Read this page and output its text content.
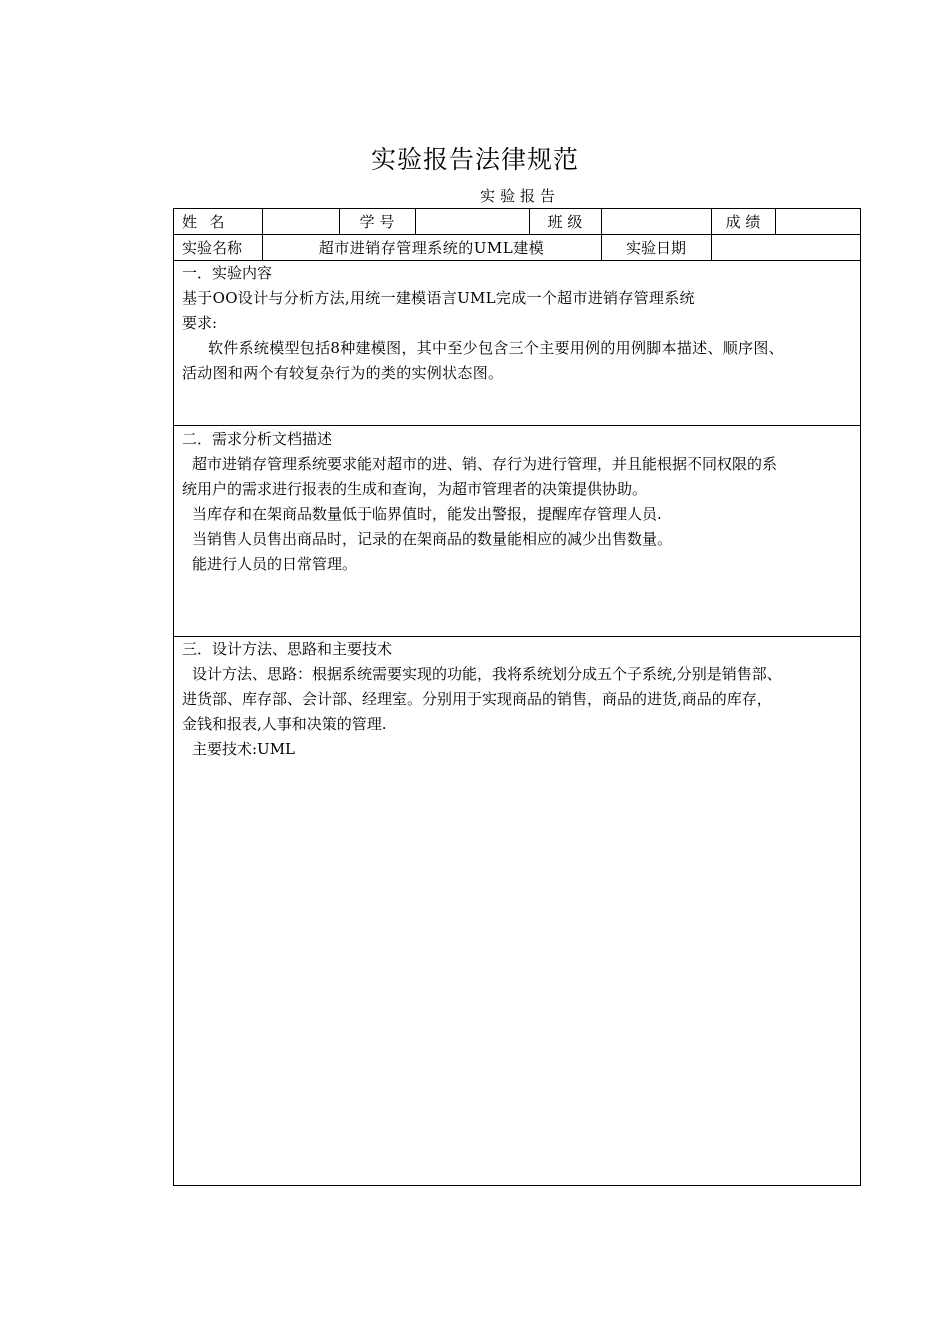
实验报告法律规范
实验报告
姓  名	学 号	班 级	成 绩
实验名称	超市进销存管理系统的UML建模	实验日期

一．实验内容

基于OO设计与分析方法,用统一建模语言UML完成一个超市进销存管理系统

要求:

软件系统模型包括8种建模图，其中至少包含三个主要用例的用例脚本描述、顺序图、

活动图和两个有较复杂行为的类的实例状态图。

二．需求分析文档描述

超市进销存管理系统要求能对超市的进、销、存行为进行管理，并且能根据不同权限的系

统用户的需求进行报表的生成和查询，为超市管理者的决策提供协助。

当库存和在架商品数量低于临界值时，能发出警报，提醒库存管理人员.

当销售人员售出商品时，记录的在架商品的数量能相应的减少出售数量。

能进行人员的日常管理。

三．设计方法、思路和主要技术

设计方法、思路：根据系统需要实现的功能，我将系统划分成五个子系统,分别是销售部、

进货部、库存部、会计部、经理室。分别用于实现商品的销售，商品的进货,商品的库存，

金钱和报表,人事和决策的管理.

主要技术:UML
